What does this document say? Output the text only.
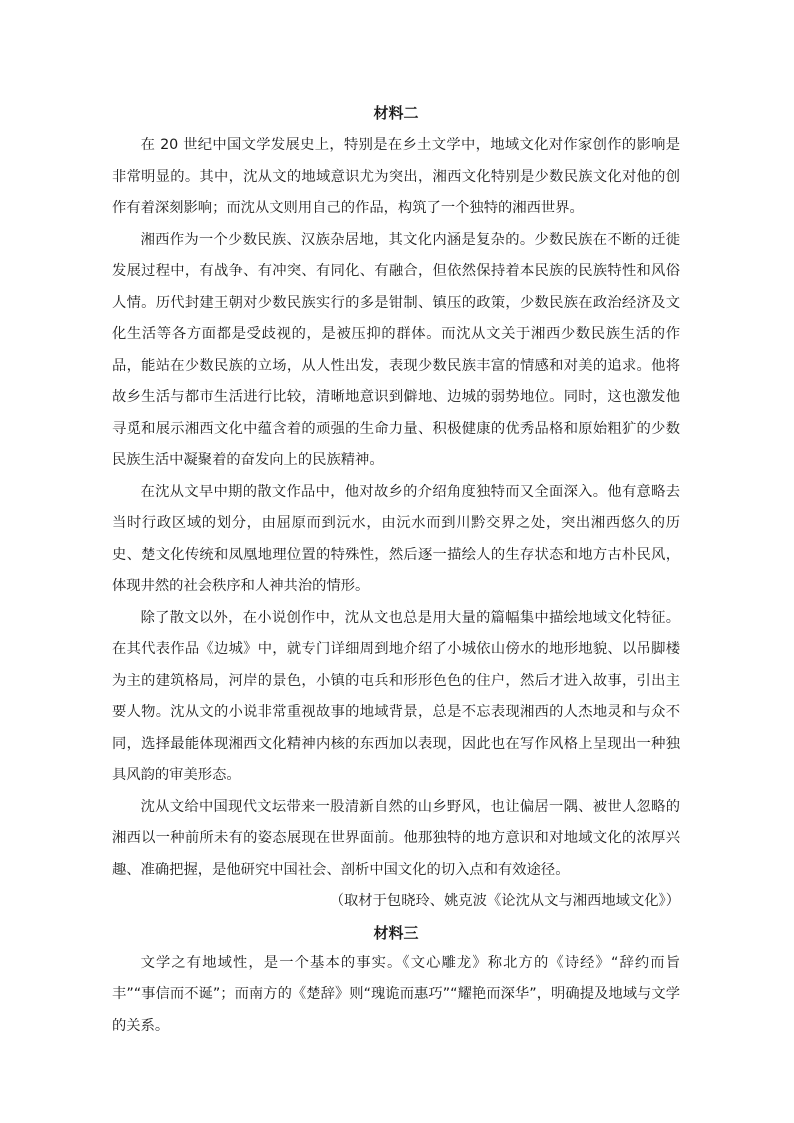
材料二

在 20 世纪中国文学发展史上，特别是在乡土文学中，地域文化对作家创作的影响是非常明显的。其中，沈从文的地域意识尤为突出，湘西文化特别是少数民族文化对他的创作有着深刻影响；而沈从文则用自己的作品，构筑了一个独特的湘西世界。

湘西作为一个少数民族、汉族杂居地，其文化内涵是复杂的。少数民族在不断的迁徙发展过程中，有战争、有冲突、有同化、有融合，但依然保持着本民族的民族特性和风俗人情。历代封建王朝对少数民族实行的多是钳制、镇压的政策，少数民族在政治经济及文化生活等各方面都是受歧视的，是被压抑的群体。而沈从文关于湘西少数民族生活的作品，能站在少数民族的立场，从人性出发，表现少数民族丰富的情感和对美的追求。他将故乡生活与都市生活进行比较，清晰地意识到僻地、边城的弱势地位。同时，这也激发他寻觅和展示湘西文化中蕴含着的顽强的生命力量、积极健康的优秀品格和原始粗犷的少数民族生活中凝聚着的奋发向上的民族精神。

在沈从文早中期的散文作品中，他对故乡的介绍角度独特而又全面深入。他有意略去当时行政区域的划分，由屈原而到沅水，由沅水而到川黔交界之处，突出湘西悠久的历史、楚文化传统和凤凰地理位置的特殊性，然后逐一描绘人的生存状态和地方古朴民风，体现井然的社会秩序和人神共治的情形。

除了散文以外，在小说创作中，沈从文也总是用大量的篇幅集中描绘地域文化特征。在其代表作品《边城》中，就专门详细周到地介绍了小城依山傍水的地形地貌、以吊脚楼为主的建筑格局，河岸的景色，小镇的屯兵和形形色色的住户，然后才进入故事，引出主要人物。沈从文的小说非常重视故事的地域背景，总是不忘表现湘西的人杰地灵和与众不同，选择最能体现湘西文化精神内核的东西加以表现，因此也在写作风格上呈现出一种独具风韵的审美形态。

沈从文给中国现代文坛带来一股清新自然的山乡野风，也让偏居一隅、被世人忽略的湘西以一种前所未有的姿态展现在世界面前。他那独特的地方意识和对地域文化的浓厚兴趣、准确把握，是他研究中国社会、剖析中国文化的切入点和有效途径。

（取材于包晓玲、姚克波《论沈从文与湘西地域文化》）

材料三

文学之有地域性，是一个基本的事实。《文心雕龙》称北方的《诗经》“辞约而旨丰”“事信而不诞”；而南方的《楚辞》则“瑰诡而惠巧”“耀艳而深华”，明确提及地域与文学的关系。
